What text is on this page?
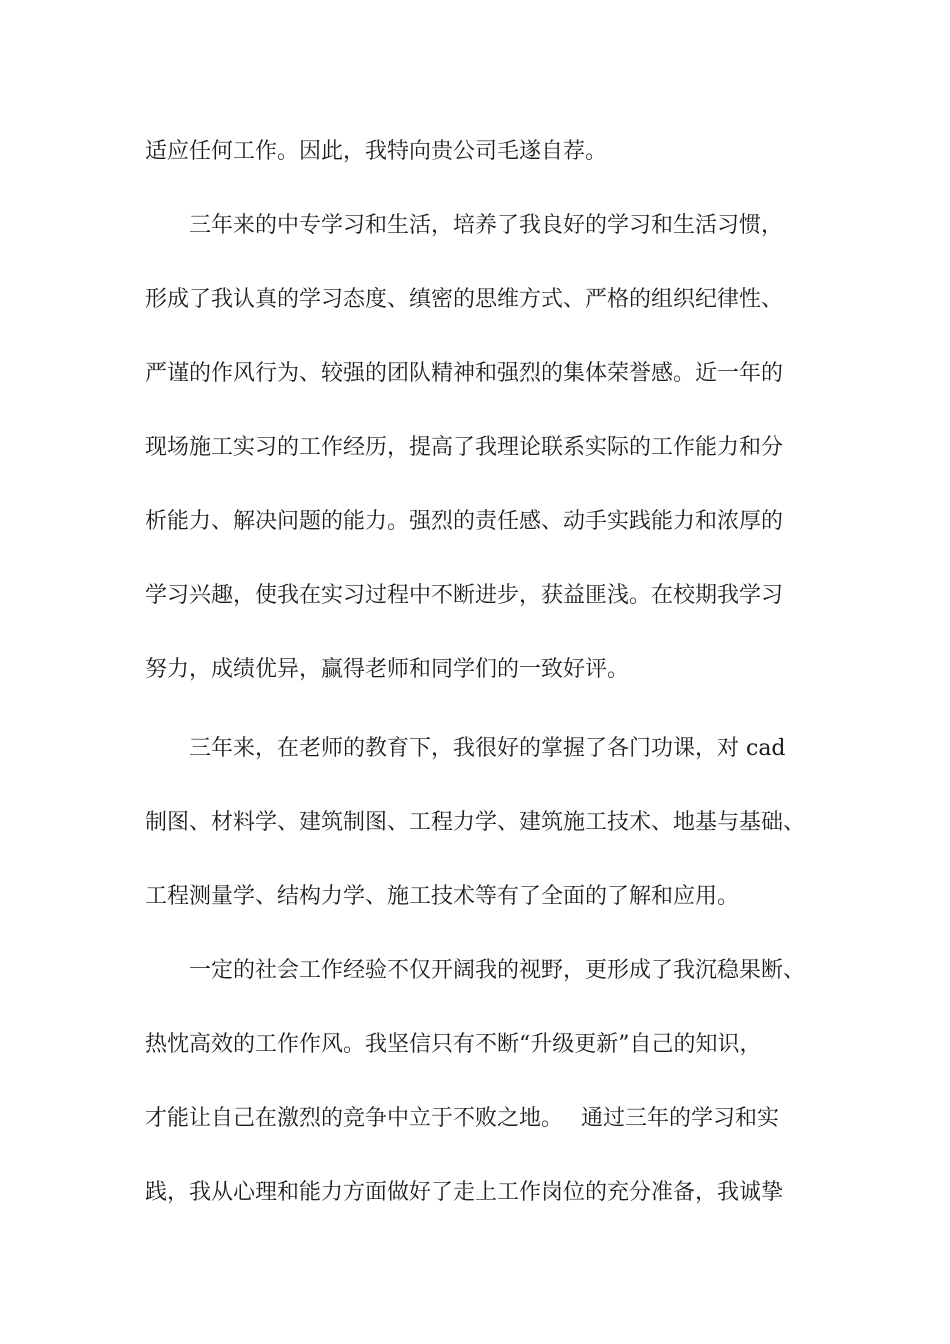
适应任何工作。因此，我特向贵公司毛遂自荐。
　　三年来的中专学习和生活，培养了我良好的学习和生活习惯，
形成了我认真的学习态度、缜密的思维方式、严格的组织纪律性、
严谨的作风行为、较强的团队精神和强烈的集体荣誉感。近一年的
现场施工实习的工作经历，提高了我理论联系实际的工作能力和分
析能力、解决问题的能力。强烈的责任感、动手实践能力和浓厚的
学习兴趣，使我在实习过程中不断进步，获益匪浅。在校期我学习
努力，成绩优异，赢得老师和同学们的一致好评。
　　三年来，在老师的教育下，我很好的掌握了各门功课，对 cad
制图、材料学、建筑制图、工程力学、建筑施工技术、地基与基础、
工程测量学、结构力学、施工技术等有了全面的了解和应用。
　　一定的社会工作经验不仅开阔我的视野，更形成了我沉稳果断、
热忱高效的工作作风。我坚信只有不断“升级更新”自己的知识，
才能让自己在激烈的竞争中立于不败之地。　 通过三年的学习和实
践，我从心理和能力方面做好了走上工作岗位的充分准备，我诚挚
